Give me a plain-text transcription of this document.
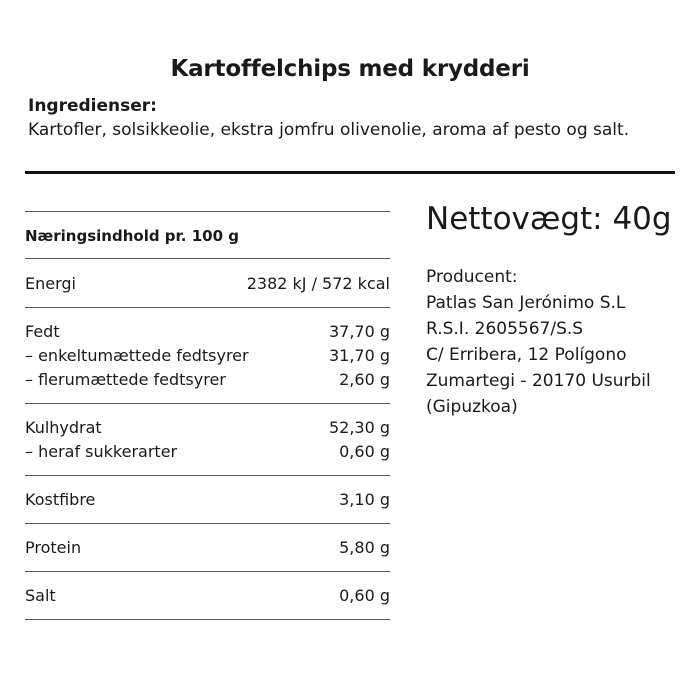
Kartoffelchips med krydderi
Ingredienser:
Kartofler, solsikkeolie, ekstra jomfru olivenolie, aroma af pesto og salt.
Næringsindhold pr. 100 g
Energi	2382 kJ / 572 kcal
Fedt	37,70 g
– enkeltumættede fedtsyrer	31,70 g
– flerumættede fedtsyrer	2,60 g
Kulhydrat	52,30 g
– heraf sukkerarter	0,60 g
Kostfibre	3,10 g
Protein	5,80 g
Salt	0,60 g
Nettovægt: 40g
Producent:
Patlas San Jerónimo S.L
R.S.I. 2605567/S.S
C/ Erribera, 12 Polígono
Zumartegi - 20170 Usurbil
(Gipuzkoa)
